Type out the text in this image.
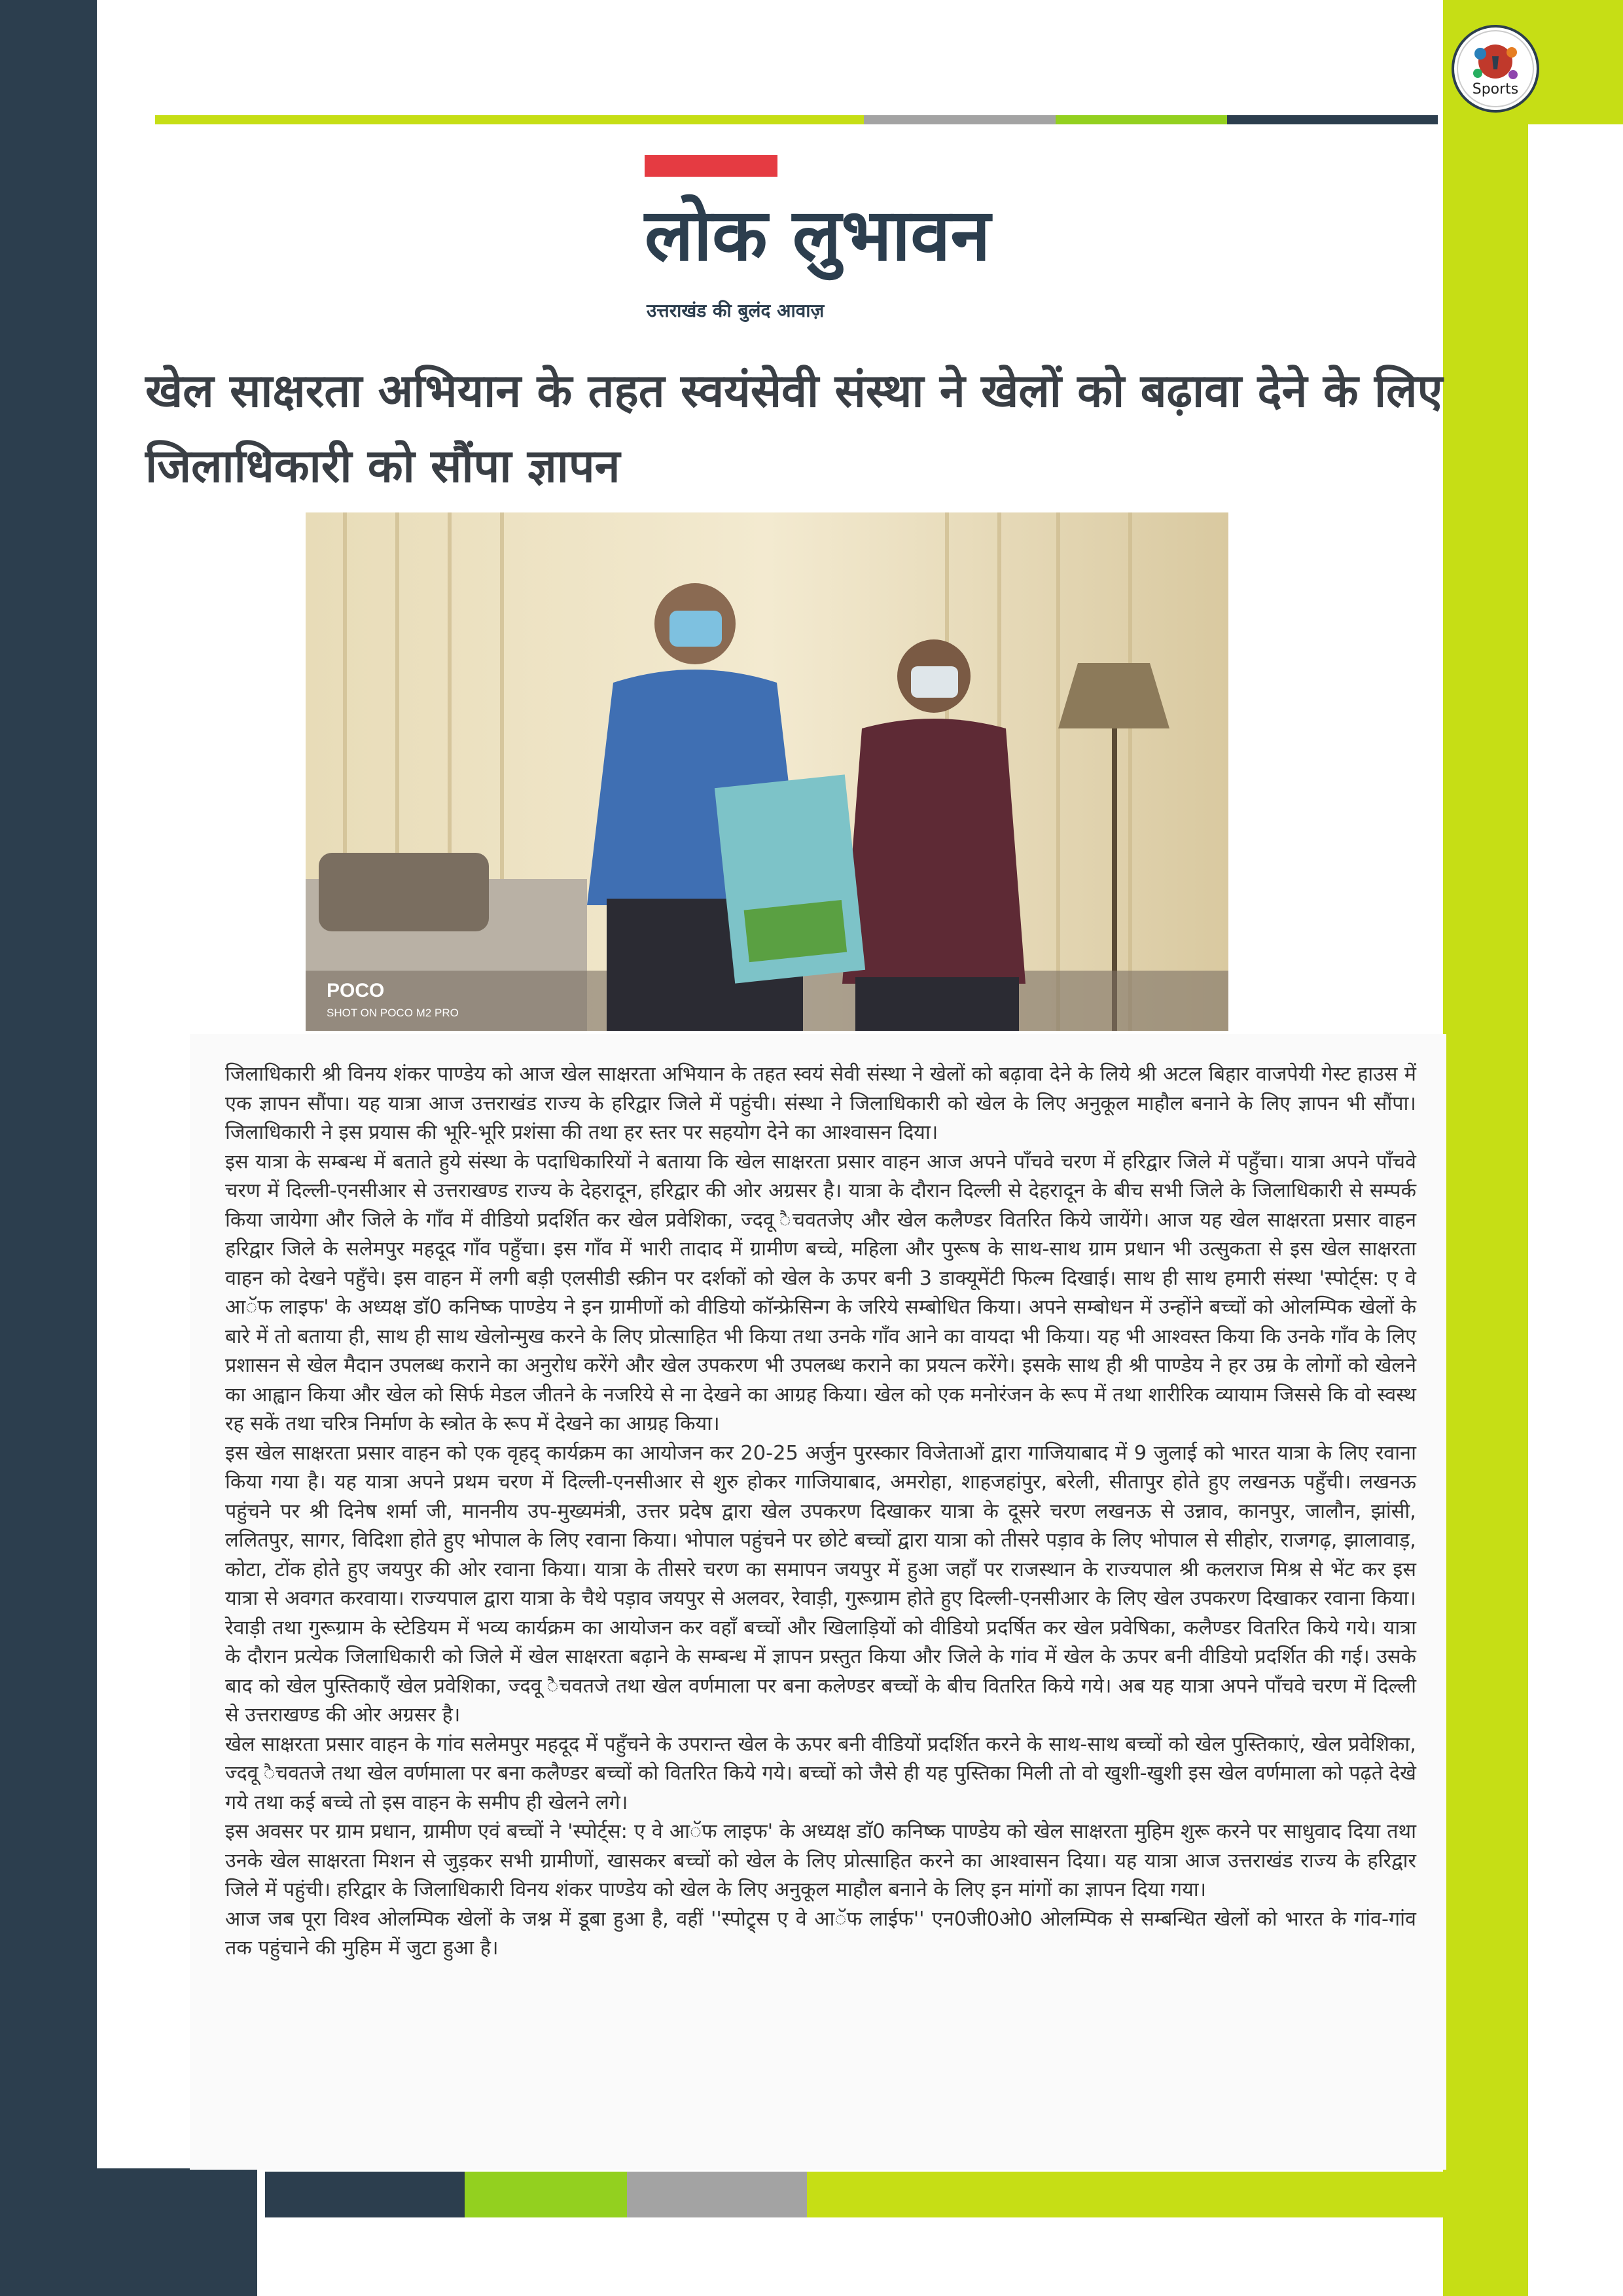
Sports
लोक लुभावन
उत्तराखंड की बुलंद आवाज़
खेल साक्षरता अभियान के तहत स्वयंसेवी संस्था ने खेलों को बढ़ावा देने के लिए जिलाधिकारी को सौंपा ज्ञापन
POCO
SHOT ON POCO M2 PRO

जिलाधिकारी श्री विनय शंकर पाण्डेय को आज खेल साक्षरता अभियान के तहत स्वयं सेवी संस्था ने खेलों को बढ़ावा देने के लिये श्री अटल बिहार वाजपेयी गेस्ट हाउस में एक ज्ञापन सौंपा। यह यात्रा आज उत्तराखंड राज्य के हरिद्वार जिले में पहुंची। संस्था ने जिलाधिकारी को खेल के लिए अनुकूल माहौल बनाने के लिए ज्ञापन भी सौंपा। जिलाधिकारी ने इस प्रयास की भूरि-भूरि प्रशंसा की तथा हर स्तर पर सहयोग देने का आश्वासन दिया।

इस यात्रा के सम्बन्ध में बताते हुये संस्था के पदाधिकारियों ने बताया कि खेल साक्षरता प्रसार वाहन आज अपने पाँचवे चरण में हरिद्वार जिले में पहुँचा। यात्रा अपने पाँचवे चरण में दिल्ली-एनसीआर से उत्तराखण्ड राज्य के देहरादून, हरिद्वार की ओर अग्रसर है। यात्रा के दौरान दिल्ली से देहरादून के बीच सभी जिले के जिलाधिकारी से सम्पर्क किया जायेगा और जिले के गाँव में वीडियो प्रदर्शित कर खेल प्रवेशिका, ज्दवू ैचवतजेए और खेल कलैण्डर वितरित किये जायेंगे। आज यह खेल साक्षरता प्रसार वाहन हरिद्वार जिले के सलेमपुर महदूद गाँव पहुँचा। इस गाँव में भारी तादाद में ग्रामीण बच्चे, महिला और पुरूष के साथ-साथ ग्राम प्रधान भी उत्सुकता से इस खेल साक्षरता वाहन को देखने पहुँचे। इस वाहन में लगी बड़ी एलसीडी स्क्रीन पर दर्शकों को खेल के ऊपर बनी 3 डाक्यूमेंटी फिल्म दिखाई। साथ ही साथ हमारी संस्था 'स्पोर्ट्स: ए वे आॅफ लाइफ' के अध्यक्ष डाॅ0 कनिष्क पाण्डेय ने इन ग्रामीणों को वीडियो काॅन्फ्रेसिन्ग के जरिये सम्बोधित किया। अपने सम्बोधन में उन्होंने बच्चों को ओलम्पिक खेलों के बारे में तो बताया ही, साथ ही साथ खेलोन्मुख करने के लिए प्रोत्साहित भी किया तथा उनके गाँव आने का वायदा भी किया। यह भी आश्वस्त किया कि उनके गाँव के लिए प्रशासन से खेल मैदान उपलब्ध कराने का अनुरोध करेंगे और खेल उपकरण भी उपलब्ध कराने का प्रयत्न करेंगे। इसके साथ ही श्री पाण्डेय ने हर उम्र के लोगों को खेलने का आह्वान किया और खेल को सिर्फ मेडल जीतने के नजरिये से ना देखने का आग्रह किया। खेल को एक मनोरंजन के रूप में तथा शारीरिक व्यायाम जिससे कि वो स्वस्थ रह सकें तथा चरित्र निर्माण के स्त्रोत के रूप में देखने का आग्रह किया।

इस खेल साक्षरता प्रसार वाहन को एक वृहद् कार्यक्रम का आयोजन कर 20-25 अर्जुन पुरस्कार विजेताओं द्वारा गाजियाबाद में 9 जुलाई को भारत यात्रा के लिए रवाना किया गया है। यह यात्रा अपने प्रथम चरण में दिल्ली-एनसीआर से शुरु होकर गाजियाबाद, अमरोहा, शाहजहांपुर, बरेली, सीतापुर होते हुए लखनऊ पहुँची। लखनऊ पहुंचने पर श्री दिनेष शर्मा जी, माननीय उप-मुख्यमंत्री, उत्तर प्रदेष द्वारा खेल उपकरण दिखाकर यात्रा के दूसरे चरण लखनऊ से उन्नाव, कानपुर, जालौन, झांसी, ललितपुर, सागर, विदिशा होते हुए भोपाल के लिए रवाना किया। भोपाल पहुंचने पर छोटे बच्चों द्वारा यात्रा को तीसरे पड़ाव के लिए भोपाल से सीहोर, राजगढ़, झालावाड़, कोटा, टोंक होते हुए जयपुर की ओर रवाना किया। यात्रा के तीसरे चरण का समापन जयपुर में हुआ जहाँ पर राजस्थान के राज्यपाल श्री कलराज मिश्र से भेंट कर इस यात्रा से अवगत करवाया। राज्यपाल द्वारा यात्रा के चैथे पड़ाव जयपुर से अलवर, रेवाड़ी, गुरूग्राम होते हुए दिल्ली-एनसीआर के लिए खेल उपकरण दिखाकर रवाना किया। रेवाड़ी तथा गुरूग्राम के स्टेडियम में भव्य कार्यक्रम का आयोजन कर वहाँ बच्चों और खिलाड़ियों को वीडियो प्रदर्षित कर खेल प्रवेषिका, कलैण्डर वितरित किये गये। यात्रा के दौरान प्रत्येक जिलाधिकारी को जिले में खेल साक्षरता बढ़ाने के सम्बन्ध में ज्ञापन प्रस्तुत किया और जिले के गांव में खेल के ऊपर बनी वीडियो प्रदर्शित की गई। उसके बाद को खेल पुस्तिकाएँ खेल प्रवेशिका, ज्दवू ैचवतजे तथा खेल वर्णमाला पर बना कलेण्डर बच्चों के बीच वितरित किये गये। अब यह यात्रा अपने पाँचवे चरण में दिल्ली से उत्तराखण्ड की ओर अग्रसर है।

खेल साक्षरता प्रसार वाहन के गांव सलेमपुर महदूद में पहुँचने के उपरान्त खेल के ऊपर बनी वीडियों प्रदर्शित करने के साथ-साथ बच्चों को खेल पुस्तिकाएं, खेल प्रवेशिका, ज्दवू ैचवतजे तथा खेल वर्णमाला पर बना कलैण्डर बच्चों को वितरित किये गये। बच्चों को जैसे ही यह पुस्तिका मिली तो वो खुशी-खुशी इस खेल वर्णमाला को पढ़ते देखे गये तथा कई बच्चे तो इस वाहन के समीप ही खेलने लगे।

इस अवसर पर ग्राम प्रधान, ग्रामीण एवं बच्चों ने 'स्पोर्ट्स: ए वे आॅफ लाइफ' के अध्यक्ष डाॅ0 कनिष्क पाण्डेय को खेल साक्षरता मुहिम शुरू करने पर साधुवाद दिया तथा उनके खेल साक्षरता मिशन से जुड़कर सभी ग्रामीणों, खासकर बच्चों को खेल के लिए प्रोत्साहित करने का आश्वासन दिया। यह यात्रा आज उत्तराखंड राज्य के हरिद्वार जिले में पहुंची। हरिद्वार के जिलाधिकारी विनय शंकर पाण्डेय को खेल के लिए अनुकूल माहौल बनाने के लिए इन मांगों का ज्ञापन दिया गया।

आज जब पूरा विश्व ओलम्पिक खेलों के जश्न में डूबा हुआ है, वहीं ''स्पोट्र्स ए वे आॅफ लाईफ'' एन0जी0ओ0 ओलम्पिक से सम्बन्धित खेलों को भारत के गांव-गांव तक पहुंचाने की मुहिम में जुटा हुआ है।
